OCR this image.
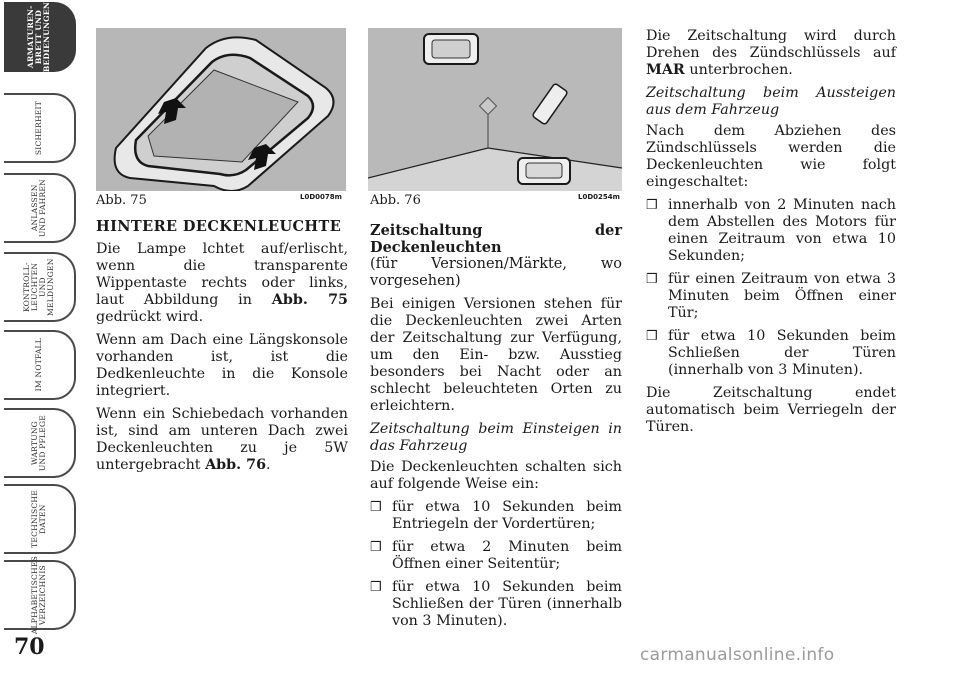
ARMATUREN-
BRETT UND
BEDIENUNGEN
SICHERHEIT
ANLASSEN
UND FAHREN
KONTROLL-
LEUCHTEN UND
MELDUNGEN
IM NOTFALL
WARTUNG
UND PFLEGE
TECHNISCHE
DATEN
ALPHABETISCHES
VERZEICHNIS
70
Abb. 75	L0D0078m Abb. 76	L0D0254m
HINTERE DECKENLEUCHTE

Die Lampe lchtet auf/erlischt, wenn die transparente Wippentaste rechts oder links, laut Abbildung in Abb. 75 gedrückt wird.

Wenn am Dach eine Längskonsole vorhanden ist, ist die Dedkenleuchte in die Konsole integriert.

Wenn ein Schiebedach vorhanden ist, sind am unteren Dach zwei Deckenleuchten zu je 5W untergebracht Abb. 76.

Zeitschaltung der Deckenleuchten
(für Versionen/Märkte, wo vorgesehen)

Bei einigen Versionen stehen für die Deckenleuchten zwei Arten der Zeitschaltung zur Verfügung, um den Ein- bzw. Ausstieg besonders bei Nacht oder an schlecht beleuchteten Orten zu erleichtern.

Zeitschaltung beim Einsteigen in das Fahrzeug

Die Deckenleuchten schalten sich auf folgende Weise ein:

❒ für etwa 10 Sekunden beim Entriegeln der Vordertüren;
❒ für etwa 2 Minuten beim Öffnen einer Seitentür;
❒ für etwa 10 Sekunden beim Schließen der Türen (innerhalb von 3 Minuten).

Die Zeitschaltung wird durch Drehen des Zündschlüssels auf MAR unterbrochen.

Zeitschaltung beim Aussteigen aus dem Fahrzeug

Nach dem Abziehen des Zündschlüssels werden die Deckenleuchten wie folgt eingeschaltet:

❒ innerhalb von 2 Minuten nach dem Abstellen des Motors für einen Zeitraum von etwa 10 Sekunden;
❒ für einen Zeitraum von etwa 3 Minuten beim Öffnen einer Tür;
❒ für etwa 10 Sekunden beim Schließen der Türen (innerhalb von 3 Minuten).

Die Zeitschaltung endet automatisch beim Verriegeln der Türen.

carmanualsonline.info
